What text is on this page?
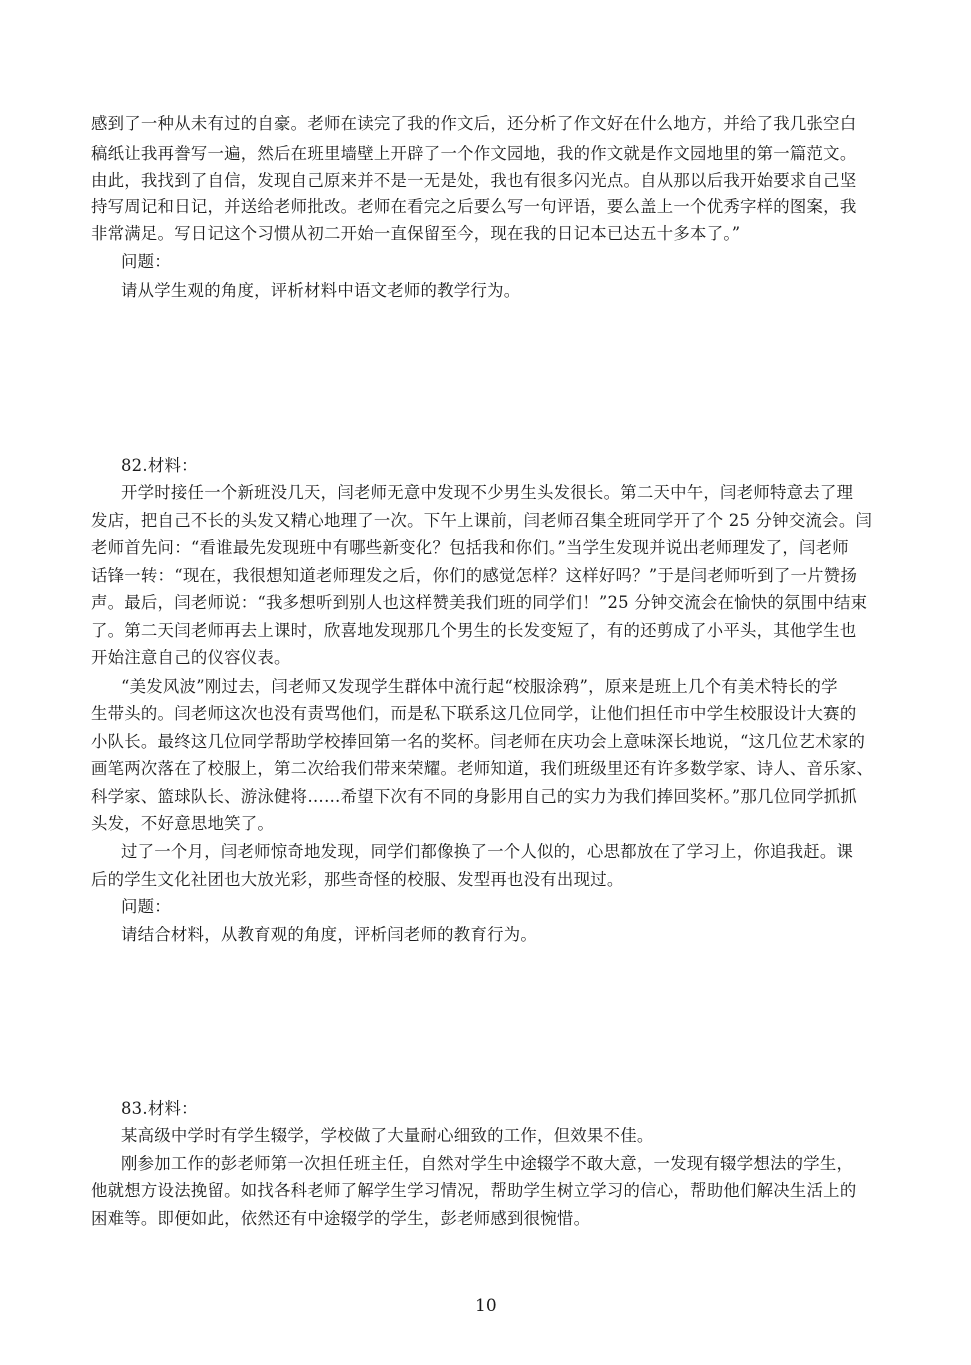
感到了一种从未有过的自豪。老师在读完了我的作文后，还分析了作文好在什么地方，并给了我几张空白
稿纸让我再誊写一遍，然后在班里墙壁上开辟了一个作文园地，我的作文就是作文园地里的第一篇范文。
由此，我找到了自信，发现自己原来并不是一无是处，我也有很多闪光点。自从那以后我开始要求自己坚
持写周记和日记，并送给老师批改。老师在看完之后要么写一句评语，要么盖上一个优秀字样的图案，我
非常满足。写日记这个习惯从初二开始一直保留至今，现在我的日记本已达五十多本了。”
问题：
请从学生观的角度，评析材料中语文老师的教学行为。
82.材料：
开学时接任一个新班没几天，闫老师无意中发现不少男生头发很长。第二天中午，闫老师特意去了理
发店，把自己不长的头发又精心地理了一次。下午上课前，闫老师召集全班同学开了个 25 分钟交流会。闫
老师首先问：“看谁最先发现班中有哪些新变化？包括我和你们。”当学生发现并说出老师理发了，闫老师
话锋一转：“现在，我很想知道老师理发之后，你们的感觉怎样？这样好吗？”于是闫老师听到了一片赞扬
声。最后，闫老师说：“我多想听到别人也这样赞美我们班的同学们！”25 分钟交流会在愉快的氛围中结束
了。第二天闫老师再去上课时，欣喜地发现那几个男生的长发变短了，有的还剪成了小平头，其他学生也
开始注意自己的仪容仪表。
“美发风波”刚过去，闫老师又发现学生群体中流行起“校服涂鸦”，原来是班上几个有美术特长的学
生带头的。闫老师这次也没有责骂他们，而是私下联系这几位同学，让他们担任市中学生校服设计大赛的
小队长。最终这几位同学帮助学校捧回第一名的奖杯。闫老师在庆功会上意味深长地说，“这几位艺术家的
画笔两次落在了校服上，第二次给我们带来荣耀。老师知道，我们班级里还有许多数学家、诗人、音乐家、
科学家、篮球队长、游泳健将……希望下次有不同的身影用自己的实力为我们捧回奖杯。”那几位同学抓抓
头发，不好意思地笑了。
过了一个月，闫老师惊奇地发现，同学们都像换了一个人似的，心思都放在了学习上，你追我赶。课
后的学生文化社团也大放光彩，那些奇怪的校服、发型再也没有出现过。
问题：
请结合材料，从教育观的角度，评析闫老师的教育行为。
83.材料：
某高级中学时有学生辍学，学校做了大量耐心细致的工作，但效果不佳。
刚参加工作的彭老师第一次担任班主任，自然对学生中途辍学不敢大意，一发现有辍学想法的学生，
他就想方设法挽留。如找各科老师了解学生学习情况，帮助学生树立学习的信心，帮助他们解决生活上的
困难等。即便如此，依然还有中途辍学的学生，彭老师感到很惋惜。
10
